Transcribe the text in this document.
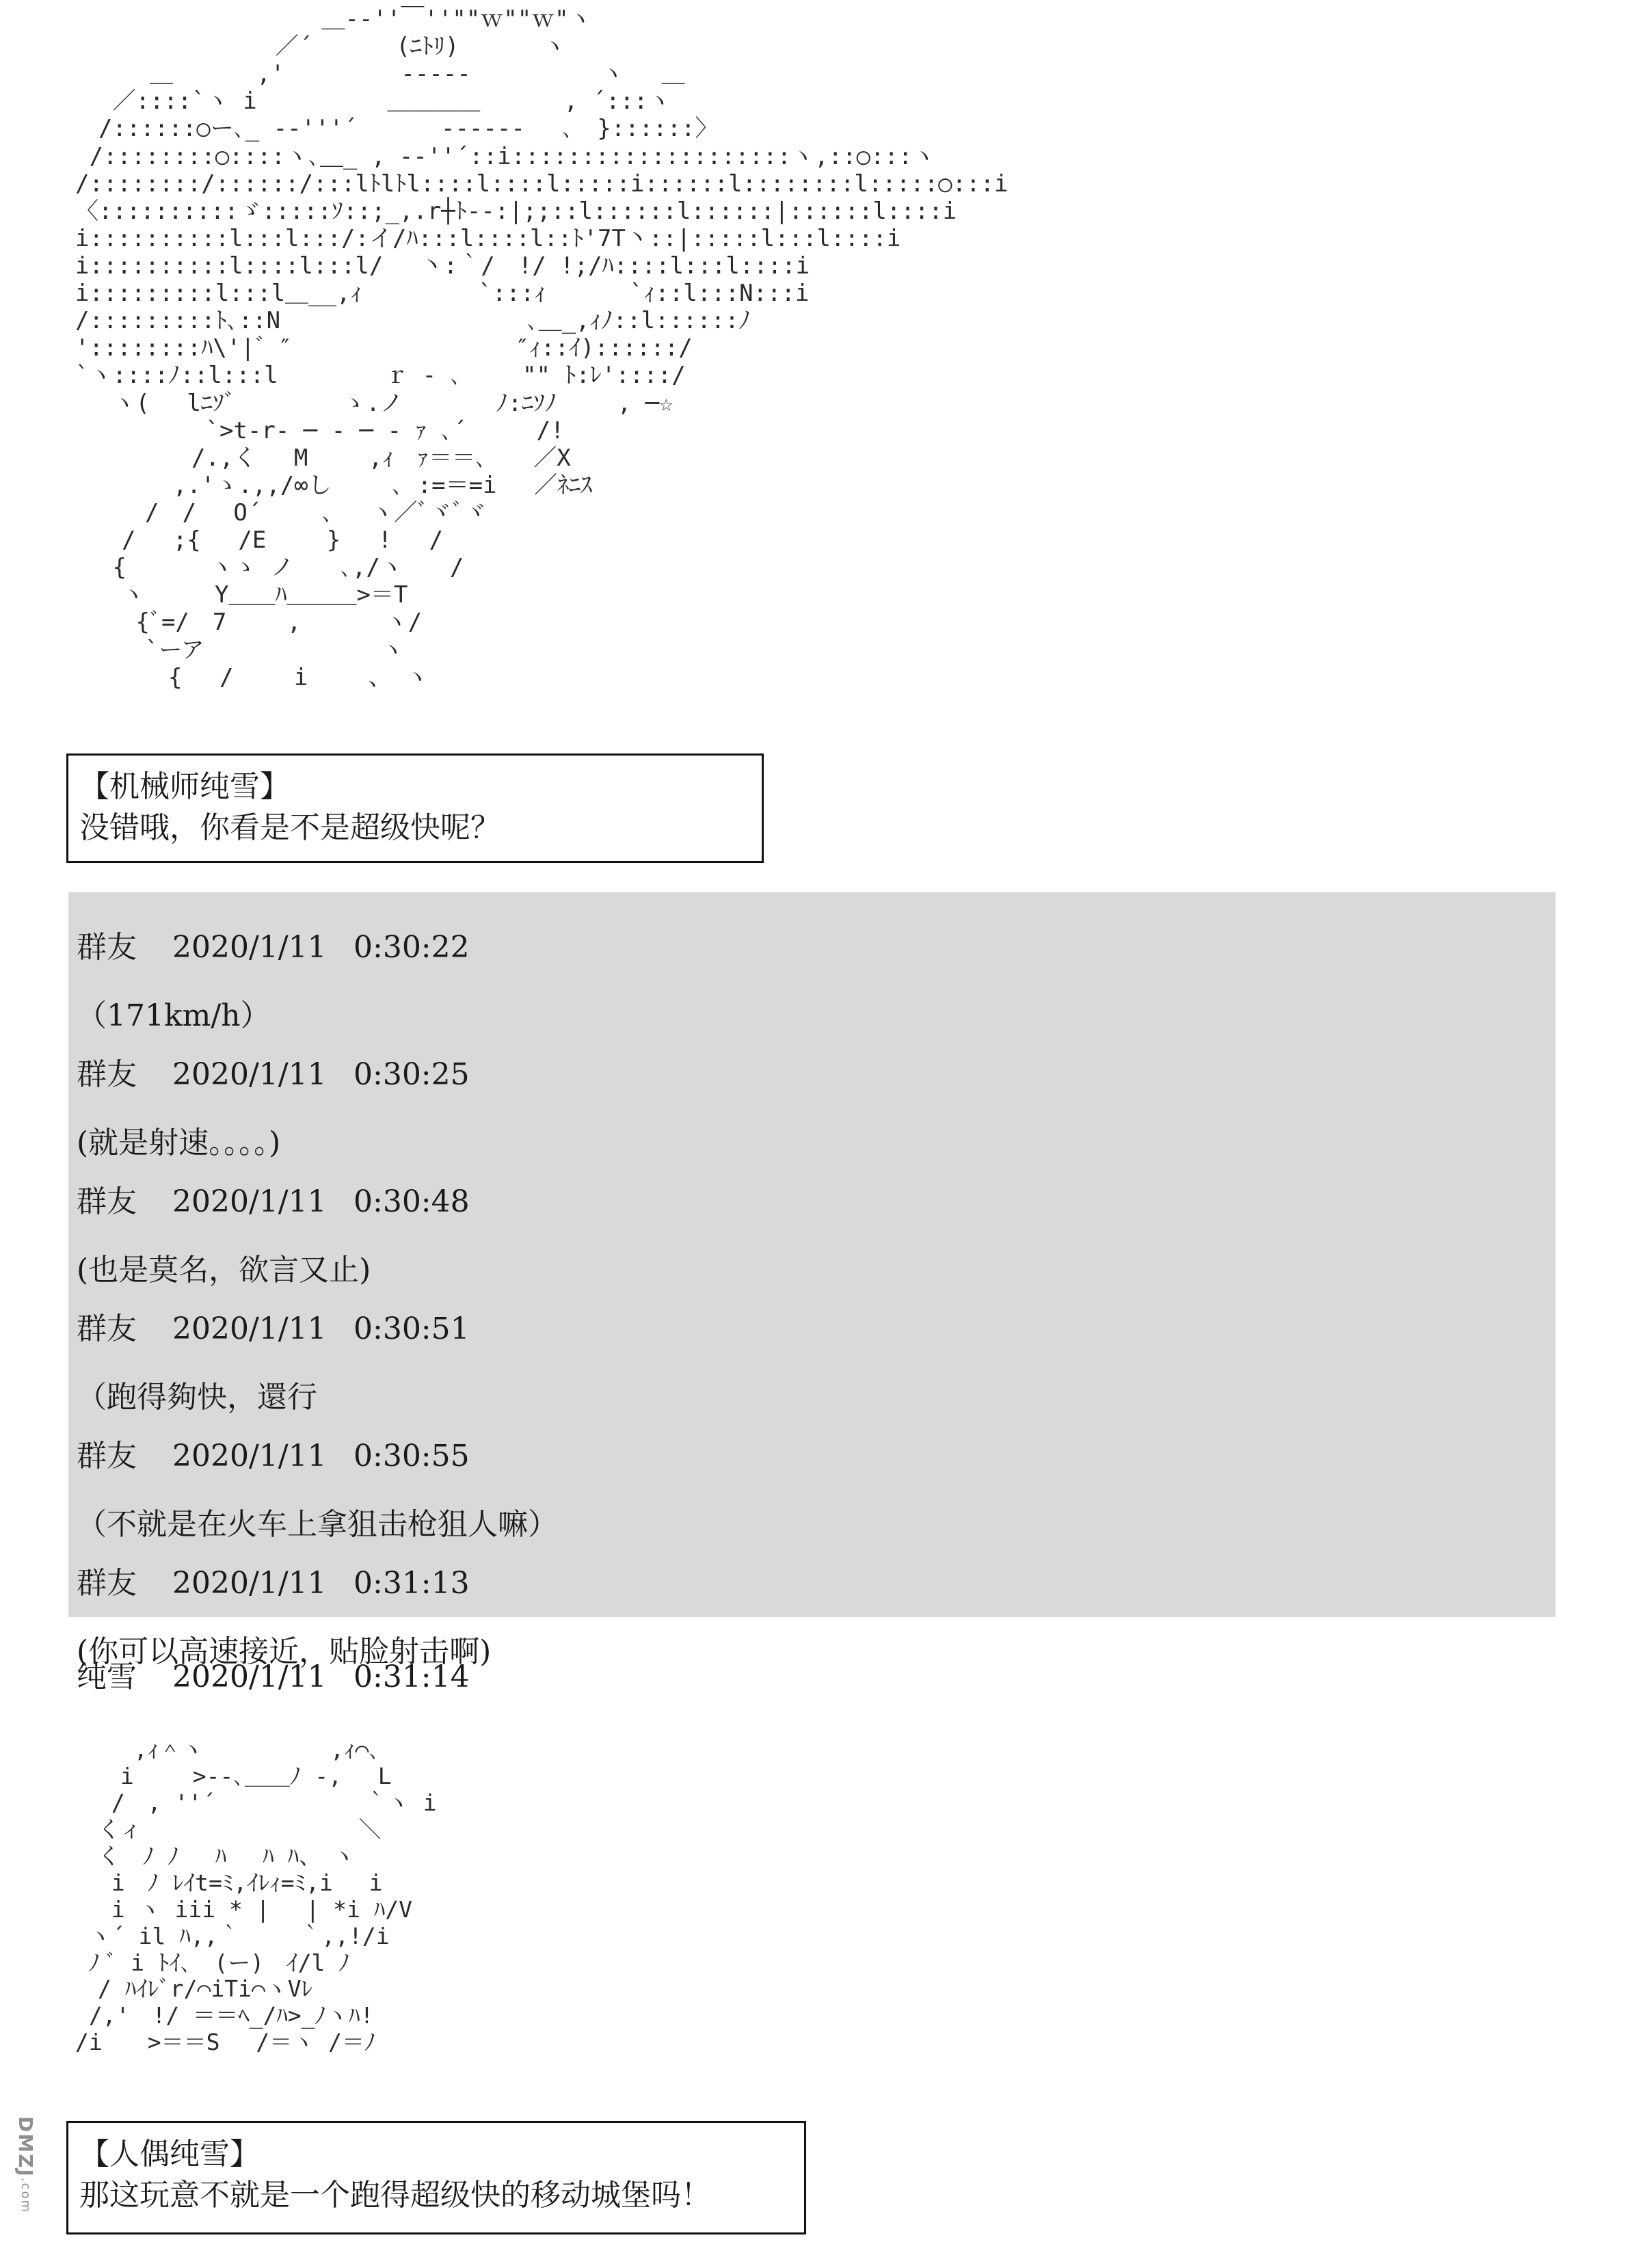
　　　　　　　　　　 ＿-‐''￣''""ｗ""ｗ"ヽ
　　　　　　　　 ／´　　　 (ﾆﾄﾘ)　　　 ヽ
　 　 ＿　　　 ,'　　　　　-‐‐‐-　　　　　 ヽ　 ＿
　 ／::::`ヽ i　　　　　 ＿＿＿＿　　　 , ´:::ヽ
　/::::::○ー､_ ‐‐'''´　　　 ‐‐‐‐‐-　 ､　}::::::〉
/::::::::○::::ヽ､＿_ , -‐''´::i::::::::::::::::::::ヽ,::○:::ヽ
/::::::::/::::::/:::lﾄlﾄl::::l::::l:::::i::::::l::::::::l:::::○:::i
〈::::::::::ゞ:::::ｿ::;_,.r┼ﾄ-‐:|;;::l::::::l::::::|::::::l::::i
i::::::::::l:::l:::/:イ/ﾊ:::l::::l::ﾄ'7T丶::|:::::l:::l::::i
i::::::::::l::::l:::l/　 丶:｀/　!/ !;/ﾊ::::l:::l::::i
i:::::::::l:::l＿__,ｨ　　　　　`:::ｨ　　　 `ｨ::l:::N:::i
/:::::::::ﾄ､::N　　　　　　　　　　 ､＿_,ｨﾉ::l::::::ﾉ
'::::::::ﾊ\'|゛″　　　　　　　　　 ″ｨ::ｲ)::::::/
`ヽ::::ﾉ::l:::l　　　　 ｒ ‐ ､　　 "" ﾄ:ﾚ'::::/
　 ヽ(　 lﾆｿﾞ　　　　 ゝ.ノ　　　　ﾉ:ﾆｿﾉ　　 , ─☆
　　　　　 `>t-r‐ ─ ‐ ─ ‐ ｧ ､´　　　/!
　　　　　/.,く　 M　　 ,ｨ　ｧ＝＝､　　／X
　　 　 ,.'ゝ.,,/∞し　　 ､ :=＝=i　 ／ﾈﾆｽ
　　　/　/　 O´　　 ､　 ヽ／ﾞヾﾞヾ
　　/　 ;{　 /E　　 }　 !　 /
　 {　　　 ヽゝ ノ　　､,/ヽ　　/
　　ヽ　　　Y＿＿ﾊ＿＿＿>＝T
　　 {ﾞ=/　7　　 ,　　　 ヽ/
　　　`ーア　　　　　　　 ヽ
　　　　{　 /　　 i　　 、 ヽ
【机械师纯雪】
没错哦，你看是不是超级快呢？

群友 2020/1/11 0:30:22

（171km/h）

群友 2020/1/11 0:30:25

(就是射速。。。。)

群友 2020/1/11 0:30:48

(也是莫名，欲言又止)

群友 2020/1/11 0:30:51

（跑得夠快，還行

群友 2020/1/11 0:30:55

（不就是在火车上拿狙击枪狙人嘛）

群友 2020/1/11 0:31:13

(你可以高速接近，贴脸射击啊)

纯雪 2020/1/11 0:31:14
　　 ,ｨ＾ヽ　　　　　 ,ｨ⌒､
　　i　　 >‐‐､＿＿ﾉ ‐,　 L
　 /　, ''´　　　　　　 ｀ヽ i
　くィ　　　　　　　　　 ＼
　く　ﾉ ﾉ　 ﾊ　 ﾊ ﾊ、　ヽ
　 i　ﾉ ﾚｲt=ﾐ,ｲﾚｨ=ﾐ,i　 i
　 i ヽ iii * |　 | *i ﾊ/V
ヽ´ il ﾊ,,｀　　 ｀,,!/i
ﾉ ﾞ i ﾄｲ､　(ー)　ｲ/l ﾉ
　/ ﾊｲﾚﾞr/⌒iTi⌒ヽVﾚ
/,'　!/ ＝＝ﾍ_/ﾊ>_ﾉヽﾊ!
/i　　>＝＝S　 /＝ヽ /＝ﾉ
【人偶纯雪】
那这玩意不就是一个跑得超级快的移动城堡吗！
DMZJ.com
